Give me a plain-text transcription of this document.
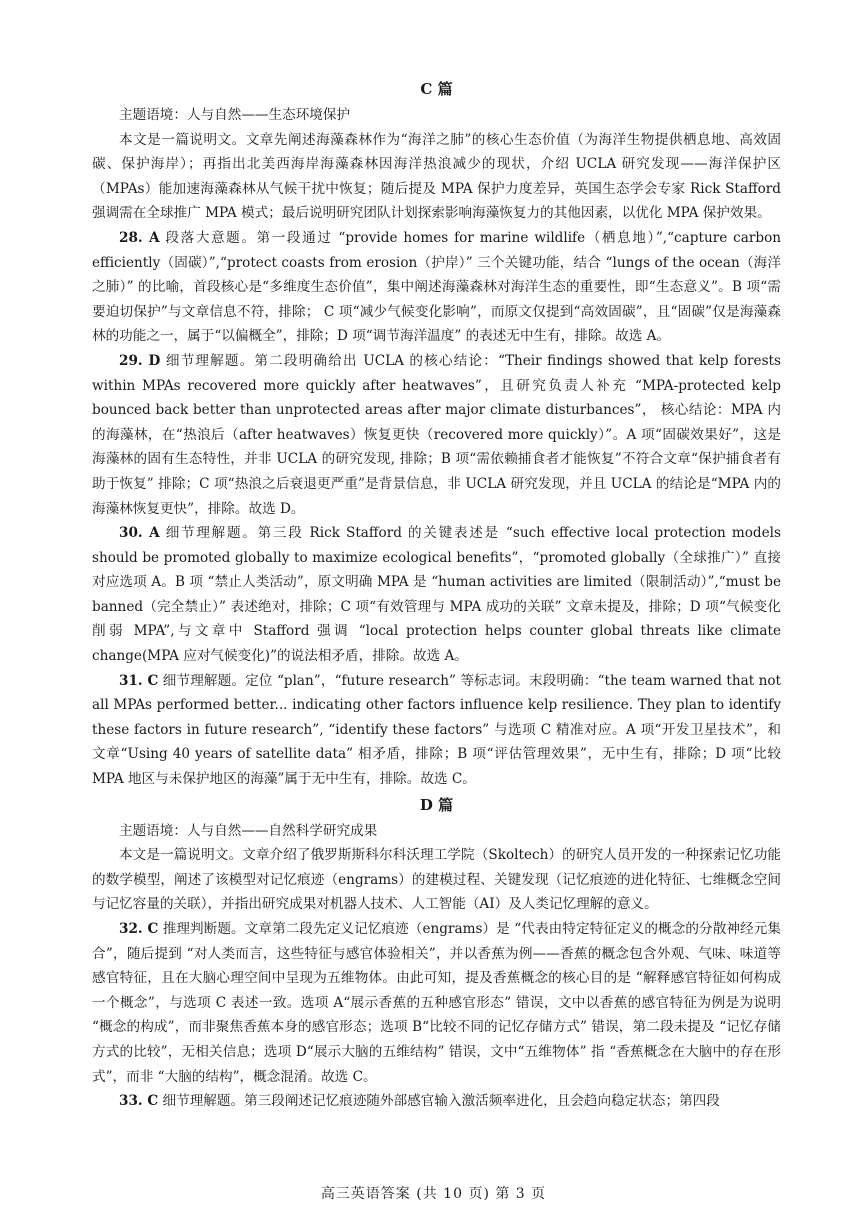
C 篇

主题语境：人与自然——生态环境保护

本文是一篇说明文。文章先阐述海藻森林作为“海洋之肺”的核心生态价值（为海洋生物提供栖息地、高效固碳、保护海岸）；再指出北美西海岸海藻森林因海洋热浪减少的现状，介绍 UCLA 研究发现——海洋保护区（MPAs）能加速海藻森林从气候干扰中恢复；随后提及 MPA 保护力度差异，英国生态学会专家 Rick Stafford 强调需在全球推广 MPA 模式；最后说明研究团队计划探索影响海藻恢复力的其他因素，以优化 MPA 保护效果。

28. A 段落大意题。第一段通过 “provide homes for marine wildlife（栖息地）”,“capture carbon efficiently（固碳）”,“protect coasts from erosion（护岸）” 三个关键功能，结合 “lungs of the ocean（海洋之肺）” 的比喻，首段核心是“多维度生态价值”，集中阐述海藻森林对海洋生态的重要性，即“生态意义”。B 项“需要迫切保护”与文章信息不符，排除； C 项“减少气候变化影响”，而原文仅提到“高效固碳”，且“固碳”仅是海藻森林的功能之一，属于“以偏概全”，排除；D 项“调节海洋温度” 的表述无中生有，排除。故选 A。

29. D 细节理解题。第二段明确给出 UCLA 的核心结论：“Their findings showed that kelp forests within MPAs recovered more quickly after heatwaves”，且研究负责人补充 “MPA-protected kelp bounced back better than unprotected areas after major climate disturbances”， 核心结论：MPA 内的海藻林，在“热浪后（after heatwaves）恢复更快（recovered more quickly）”。A 项“固碳效果好”，这是海藻林的固有生态特性，并非 UCLA 的研究发现, 排除；B 项“需依赖捕食者才能恢复”不符合文章“保护捕食者有助于恢复” 排除；C 项“热浪之后衰退更严重”是背景信息，非 UCLA 研究发现，并且 UCLA 的结论是“MPA 内的海藻林恢复更快”，排除。故选 D。

30. A 细节理解题。第三段 Rick Stafford 的关键表述是 “such effective local protection models should be promoted globally to maximize ecological benefits”，“promoted globally（全球推广）” 直接对应选项 A。B 项 “禁止人类活动”，原文明确 MPA 是 “human activities are limited（限制活动）”,“must be banned（完全禁止）” 表述绝对，排除；C 项“有效管理与 MPA 成功的关联” 文章未提及，排除；D 项“气候变化削弱 MPA”,与文章中 Stafford 强调 “local protection helps counter global threats like climate change(MPA 应对气候变化)”的说法相矛盾，排除。故选 A。

31. C 细节理解题。定位 “plan”，“future research” 等标志词。末段明确：“the team warned that not all MPAs performed better... indicating other factors influence kelp resilience. They plan to identify these factors in future research”, “identify these factors” 与选项 C 精准对应。A 项“开发卫星技术”，和文章“Using 40 years of satellite data” 相矛盾，排除；B 项“评估管理效果”，无中生有，排除；D 项“比较 MPA 地区与未保护地区的海藻”属于无中生有，排除。故选 C。

D 篇

主题语境：人与自然——自然科学研究成果

本文是一篇说明文。文章介绍了俄罗斯斯科尔科沃理工学院（Skoltech）的研究人员开发的一种探索记忆功能的数学模型，阐述了该模型对记忆痕迹（engrams）的建模过程、关键发现（记忆痕迹的进化特征、七维概念空间与记忆容量的关联），并指出研究成果对机器人技术、人工智能（AI）及人类记忆理解的意义。

32. C 推理判断题。文章第二段先定义记忆痕迹（engrams）是 “代表由特定特征定义的概念的分散神经元集合”，随后提到 “对人类而言，这些特征与感官体验相关”，并以香蕉为例——香蕉的概念包含外观、气味、味道等感官特征，且在大脑心理空间中呈现为五维物体。由此可知，提及香蕉概念的核心目的是 “解释感官特征如何构成一个概念”，与选项 C 表述一致。选项 A“展示香蕉的五种感官形态” 错误，文中以香蕉的感官特征为例是为说明 “概念的构成”，而非聚焦香蕉本身的感官形态；选项 B“比较不同的记忆存储方式” 错误，第二段未提及 “记忆存储方式的比较”，无相关信息；选项 D“展示大脑的五维结构” 错误，文中“五维物体” 指 “香蕉概念在大脑中的存在形式”，而非 “大脑的结构”，概念混淆。故选 C。

33. C 细节理解题。第三段阐述记忆痕迹随外部感官输入激活频率进化，且会趋向稳定状态；第四段

高三英语答案 (共 10 页) 第 3 页
